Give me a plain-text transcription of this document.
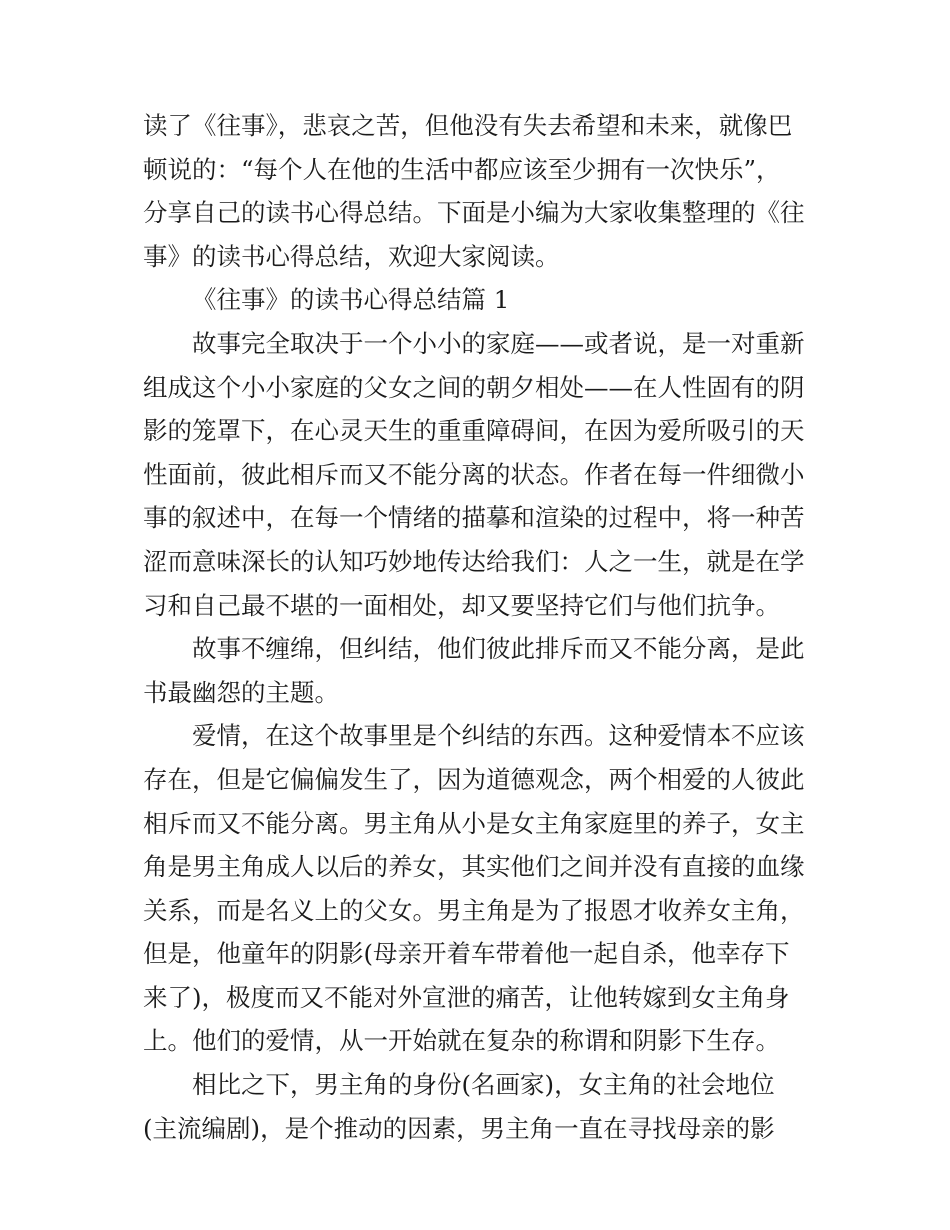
读了《往事》，悲哀之苦，但他没有失去希望和未来，就像巴
顿说的：“每个人在他的生活中都应该至少拥有一次快乐”，
分享自己的读书心得总结。下面是小编为大家收集整理的《往
事》的读书心得总结，欢迎大家阅读。
《往事》的读书心得总结篇 1
故事完全取决于一个小小的家庭——或者说，是一对重新
组成这个小小家庭的父女之间的朝夕相处——在人性固有的阴
影的笼罩下，在心灵天生的重重障碍间，在因为爱所吸引的天
性面前，彼此相斥而又不能分离的状态。作者在每一件细微小
事的叙述中，在每一个情绪的描摹和渲染的过程中，将一种苦
涩而意味深长的认知巧妙地传达给我们：人之一生，就是在学
习和自己最不堪的一面相处，却又要坚持它们与他们抗争。
故事不缠绵，但纠结，他们彼此排斥而又不能分离，是此
书最幽怨的主题。
爱情，在这个故事里是个纠结的东西。这种爱情本不应该
存在，但是它偏偏发生了，因为道德观念，两个相爱的人彼此
相斥而又不能分离。男主角从小是女主角家庭里的养子，女主
角是男主角成人以后的养女，其实他们之间并没有直接的血缘
关系，而是名义上的父女。男主角是为了报恩才收养女主角，
但是，他童年的阴影(母亲开着车带着他一起自杀，他幸存下
来了)，极度而又不能对外宣泄的痛苦，让他转嫁到女主角身
上。他们的爱情，从一开始就在复杂的称谓和阴影下生存。
相比之下，男主角的身份(名画家)，女主角的社会地位
(主流编剧)，是个推动的因素，男主角一直在寻找母亲的影
